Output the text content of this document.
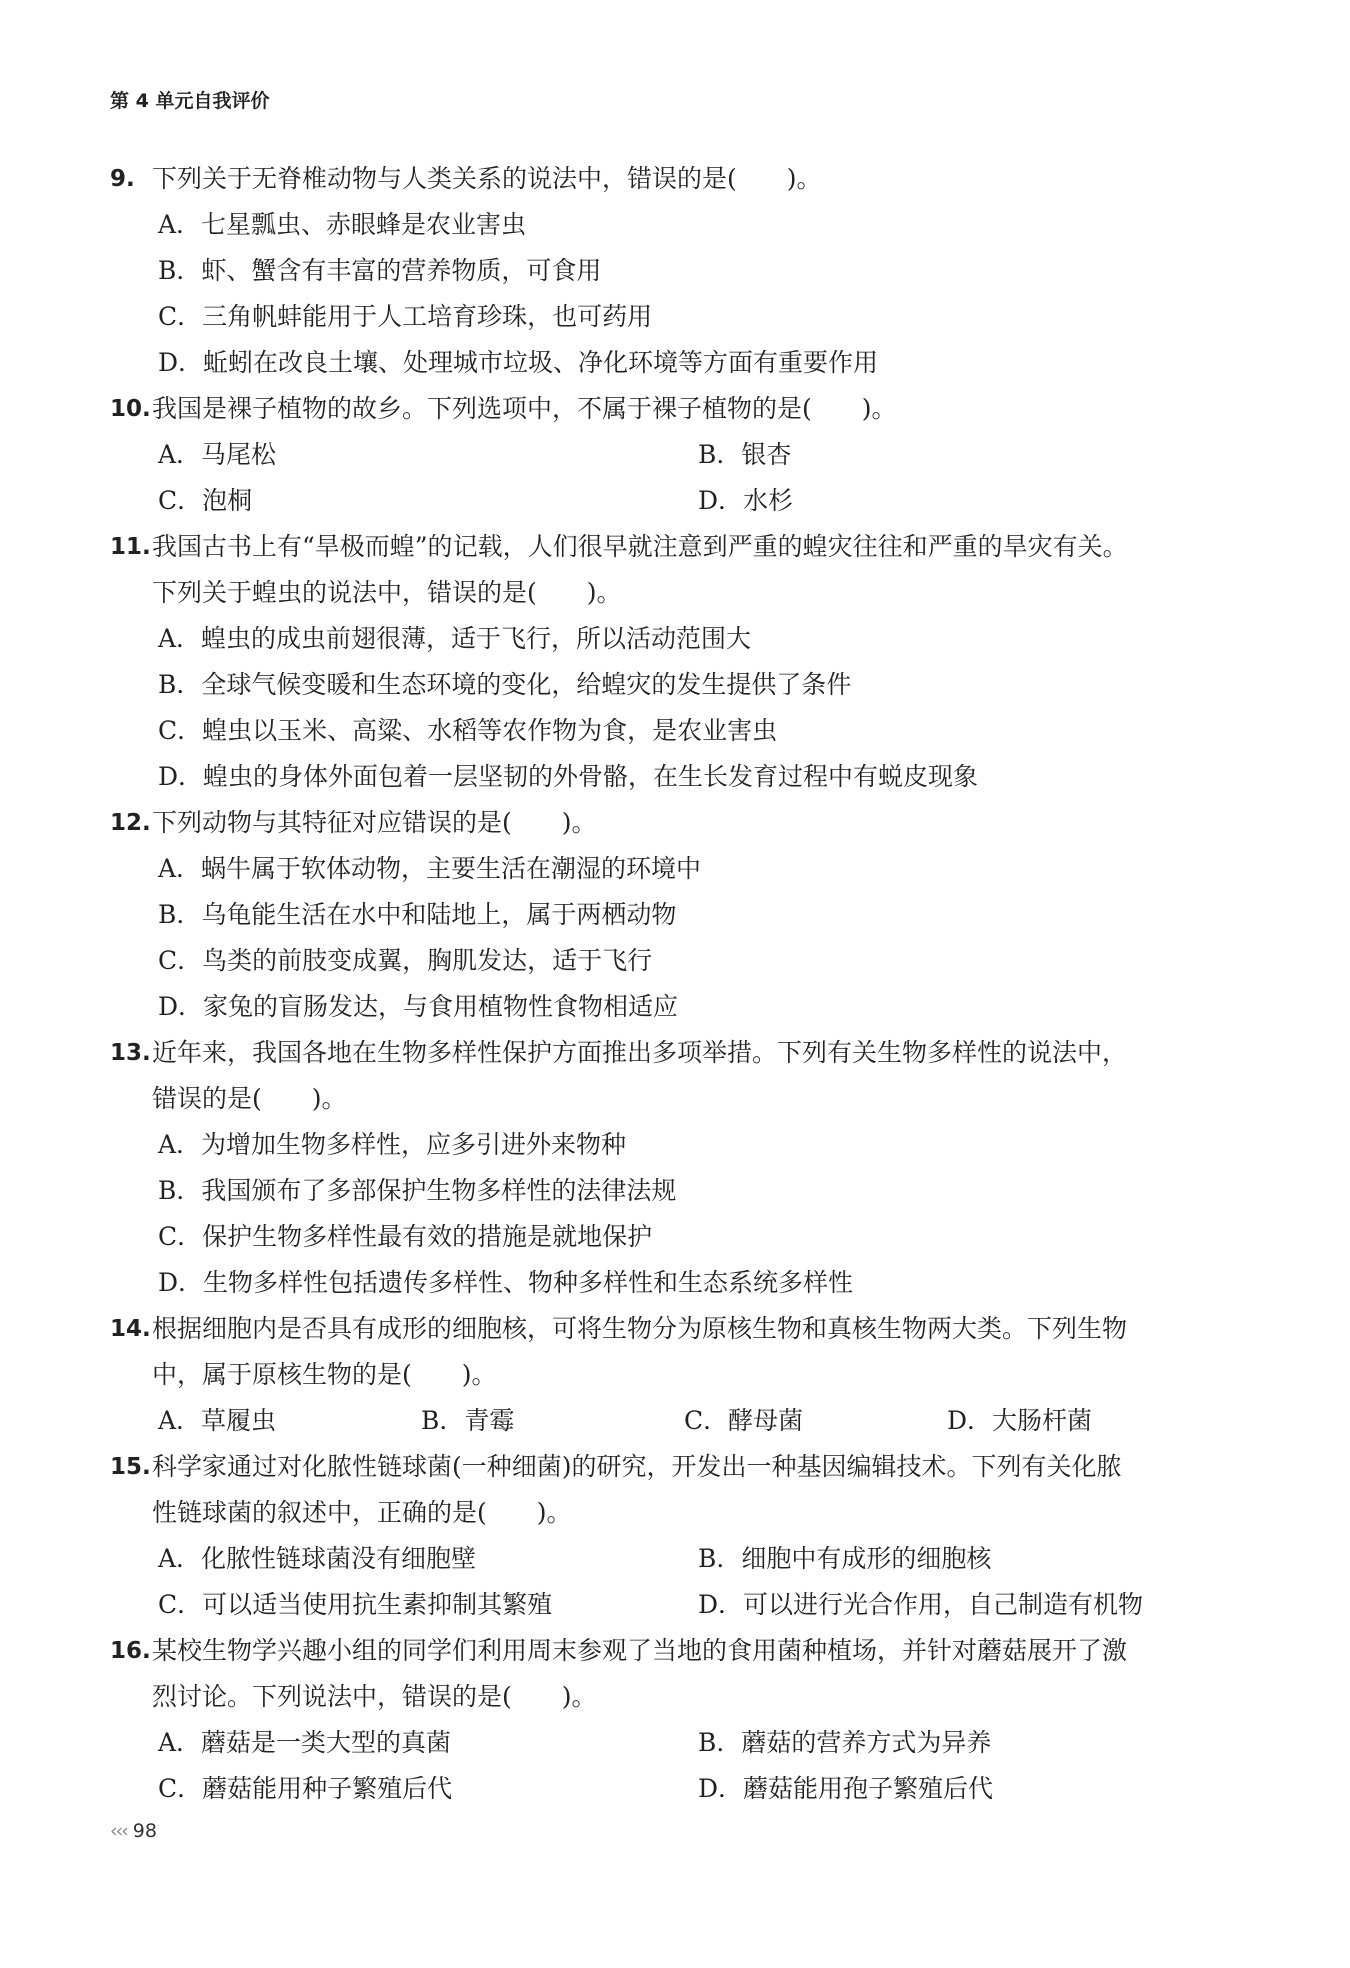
第 4 单元自我评价
9. 下列关于无脊椎动物与人类关系的说法中，错误的是(　　)。
A．七星瓢虫、赤眼蜂是农业害虫
B．虾、蟹含有丰富的营养物质，可食用
C．三角帆蚌能用于人工培育珍珠，也可药用
D．蚯蚓在改良土壤、处理城市垃圾、净化环境等方面有重要作用
10. 我国是裸子植物的故乡。下列选项中，不属于裸子植物的是(　　)。
A．马尾松	B．银杏
C．泡桐	D．水杉
11. 我国古书上有“旱极而蝗”的记载，人们很早就注意到严重的蝗灾往往和严重的旱灾有关。
下列关于蝗虫的说法中，错误的是(　　)。
A．蝗虫的成虫前翅很薄，适于飞行，所以活动范围大
B．全球气候变暖和生态环境的变化，给蝗灾的发生提供了条件
C．蝗虫以玉米、高粱、水稻等农作物为食，是农业害虫
D．蝗虫的身体外面包着一层坚韧的外骨骼，在生长发育过程中有蜕皮现象
12. 下列动物与其特征对应错误的是(　　)。
A．蜗牛属于软体动物，主要生活在潮湿的环境中
B．乌龟能生活在水中和陆地上，属于两栖动物
C．鸟类的前肢变成翼，胸肌发达，适于飞行
D．家兔的盲肠发达，与食用植物性食物相适应
13. 近年来，我国各地在生物多样性保护方面推出多项举措。下列有关生物多样性的说法中，
错误的是(　　)。
A．为增加生物多样性，应多引进外来物种
B．我国颁布了多部保护生物多样性的法律法规
C．保护生物多样性最有效的措施是就地保护
D．生物多样性包括遗传多样性、物种多样性和生态系统多样性
14. 根据细胞内是否具有成形的细胞核，可将生物分为原核生物和真核生物两大类。下列生物
中，属于原核生物的是(　　)。
A．草履虫	B．青霉	C．酵母菌	D．大肠杆菌
15. 科学家通过对化脓性链球菌(一种细菌)的研究，开发出一种基因编辑技术。下列有关化脓
性链球菌的叙述中，正确的是(　　)。
A．化脓性链球菌没有细胞壁	B．细胞中有成形的细胞核
C．可以适当使用抗生素抑制其繁殖	D．可以进行光合作用，自己制造有机物
16. 某校生物学兴趣小组的同学们利用周末参观了当地的食用菌种植场，并针对蘑菇展开了激
烈讨论。下列说法中，错误的是(　　)。
A．蘑菇是一类大型的真菌	B．蘑菇的营养方式为异养
C．蘑菇能用种子繁殖后代	D．蘑菇能用孢子繁殖后代
‹‹‹ 98
